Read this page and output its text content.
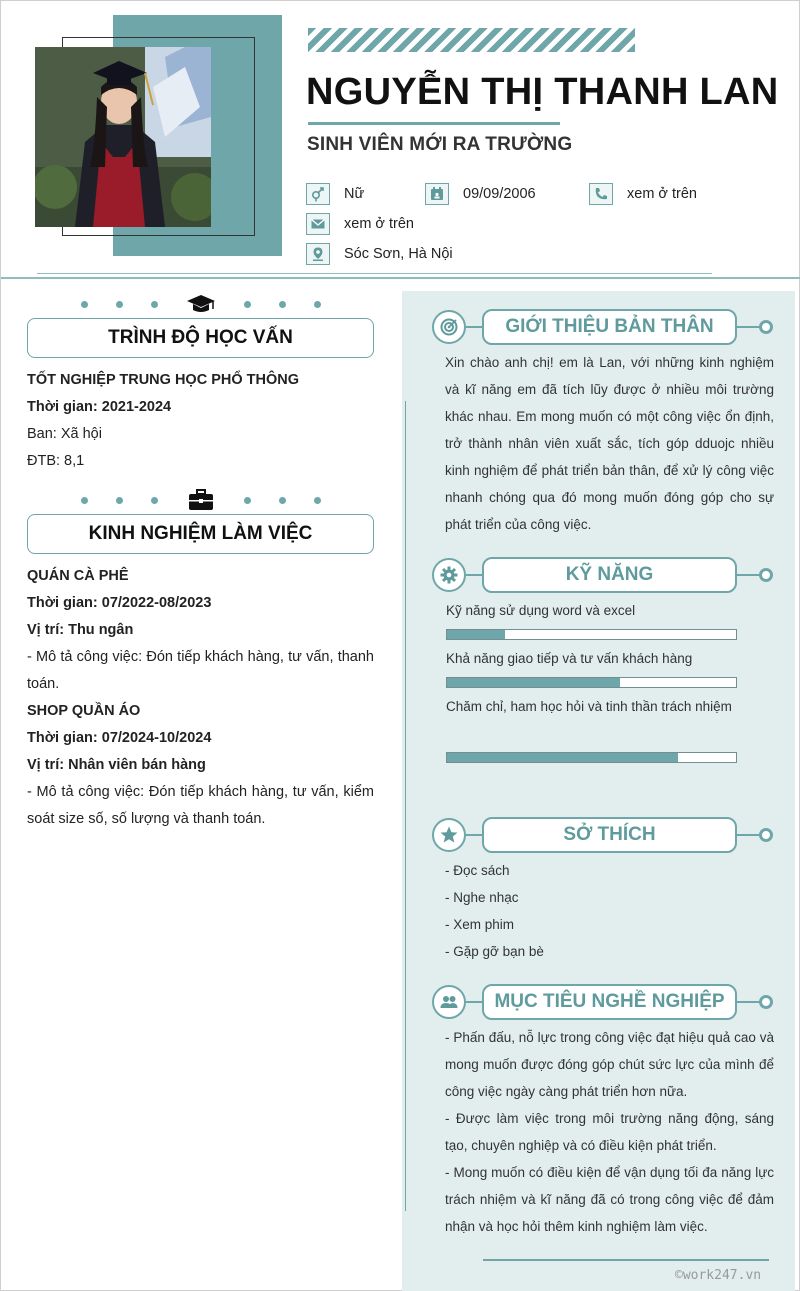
NGUYỄN THỊ THANH LAN
SINH VIÊN MỚI RA TRƯỜNG
Nữ	09/09/2006	xem ở trên
xem ở trên
Sóc Sơn, Hà Nội
TRÌNH ĐỘ HỌC VẤN
TỐT NGHIỆP TRUNG HỌC PHỔ THÔNG
Thời gian: 2021-2024
Ban: Xã hội
ĐTB: 8,1
KINH NGHIỆM LÀM VIỆC
QUÁN CÀ PHÊ
Thời gian: 07/2022-08/2023
Vị trí: Thu ngân
- Mô tả công việc: Đón tiếp khách hàng, tư vấn, thanh toán.
SHOP QUẦN ÁO
Thời gian: 07/2024-10/2024
Vị trí: Nhân viên bán hàng
- Mô tả công việc: Đón tiếp khách hàng, tư vấn, kiểm soát size số, số lượng và thanh toán.
GIỚI THIỆU BẢN THÂN
Xin chào anh chị! em là Lan, với những kinh nghiệm và kĩ năng em đã tích lũy được ở nhiều môi trường khác nhau. Em mong muốn có một công việc ổn định, trở thành nhân viên xuất sắc, tích góp dduojc nhiều kinh nghiệm để phát triển bản thân, để xử lý công việc nhanh chóng qua đó mong muốn đóng góp cho sự phát triển của công việc.
KỸ NĂNG
Kỹ năng sử dụng word và excel
Khả năng giao tiếp và tư vấn khách hàng
Chăm chỉ, ham học hỏi và tinh thần trách nhiệm
SỞ THÍCH
- Đọc sách
- Nghe nhạc
- Xem phim
- Gặp gỡ bạn bè
MỤC TIÊU NGHỀ NGHIỆP
- Phấn đấu, nỗ lực trong công việc đạt hiệu quả cao và mong muốn được đóng góp chút sức lực của mình để công việc ngày càng phát triển hơn nữa.
- Được làm việc trong môi trường năng động, sáng tạo, chuyên nghiệp và có điều kiện phát triển.
- Mong muốn có điều kiện để vận dụng tối đa năng lực trách nhiệm và kĩ năng đã có trong công việc để đảm nhận và học hỏi thêm kinh nghiệm làm việc.
©work247.vn
